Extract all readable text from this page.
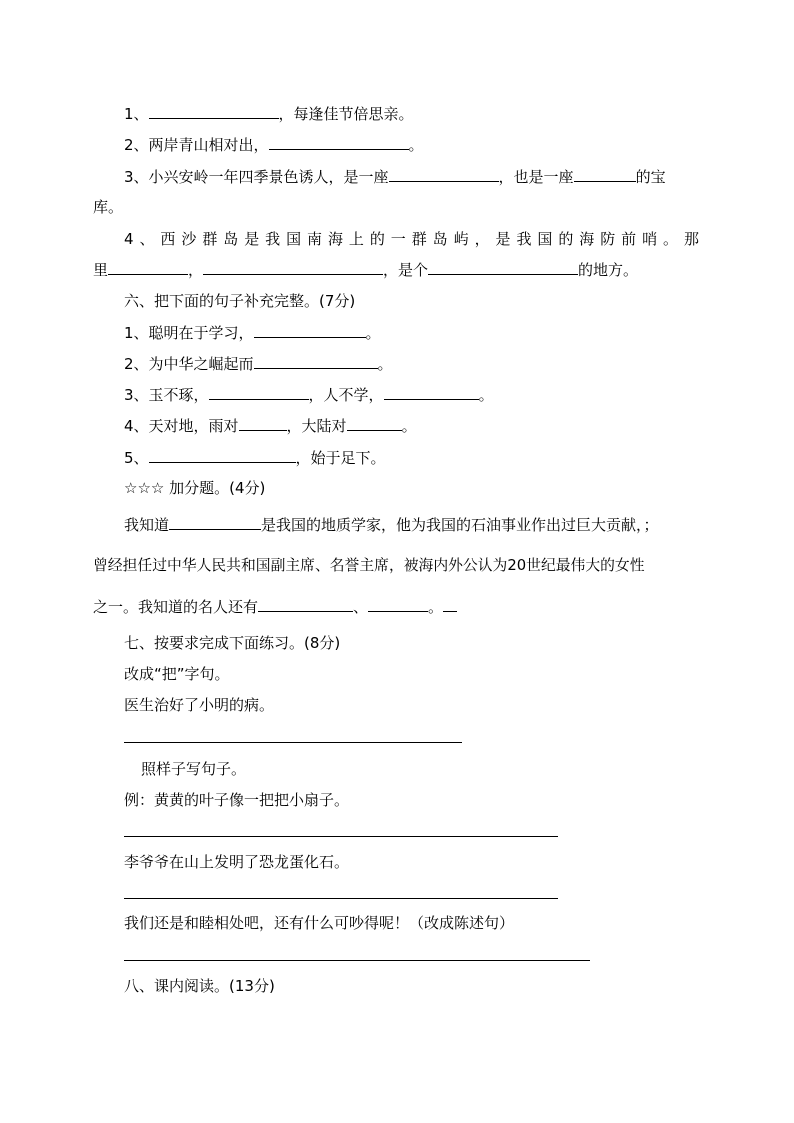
1、	，每逢佳节倍思亲。
2、两岸青山相对出，	。
3、小兴安岭一年四季景色诱人，是一座	，也是一座	的宝
库。
4、西沙群岛是我国南海上的一群岛屿，是我国的海防前哨。那
里	，	，是个	的地方。
六、把下面的句子补充完整。(7分)
1、聪明在于学习，	。
2、为中华之崛起而	。
3、玉不琢，	，人不学，	。
4、天对地，雨对	，大陆对	。
5、	，始于足下。
☆☆☆ 加分题。(4分)
我知道	是我国的地质学家，他为我国的石油事业作出过巨大贡献，；
曾经担任过中华人民共和国副主席、名誉主席，被海内外公认为20世纪最伟大的女性
之一。我知道的名人还有	、	。
七、按要求完成下面练习。(8分)
改成“把”字句。
医生治好了小明的病。
照样子写句子。
例：黄黄的叶子像一把把小扇子。
李爷爷在山上发明了恐龙蛋化石。
我们还是和睦相处吧，还有什么可吵得呢！（改成陈述句）
八、课内阅读。(13分)
